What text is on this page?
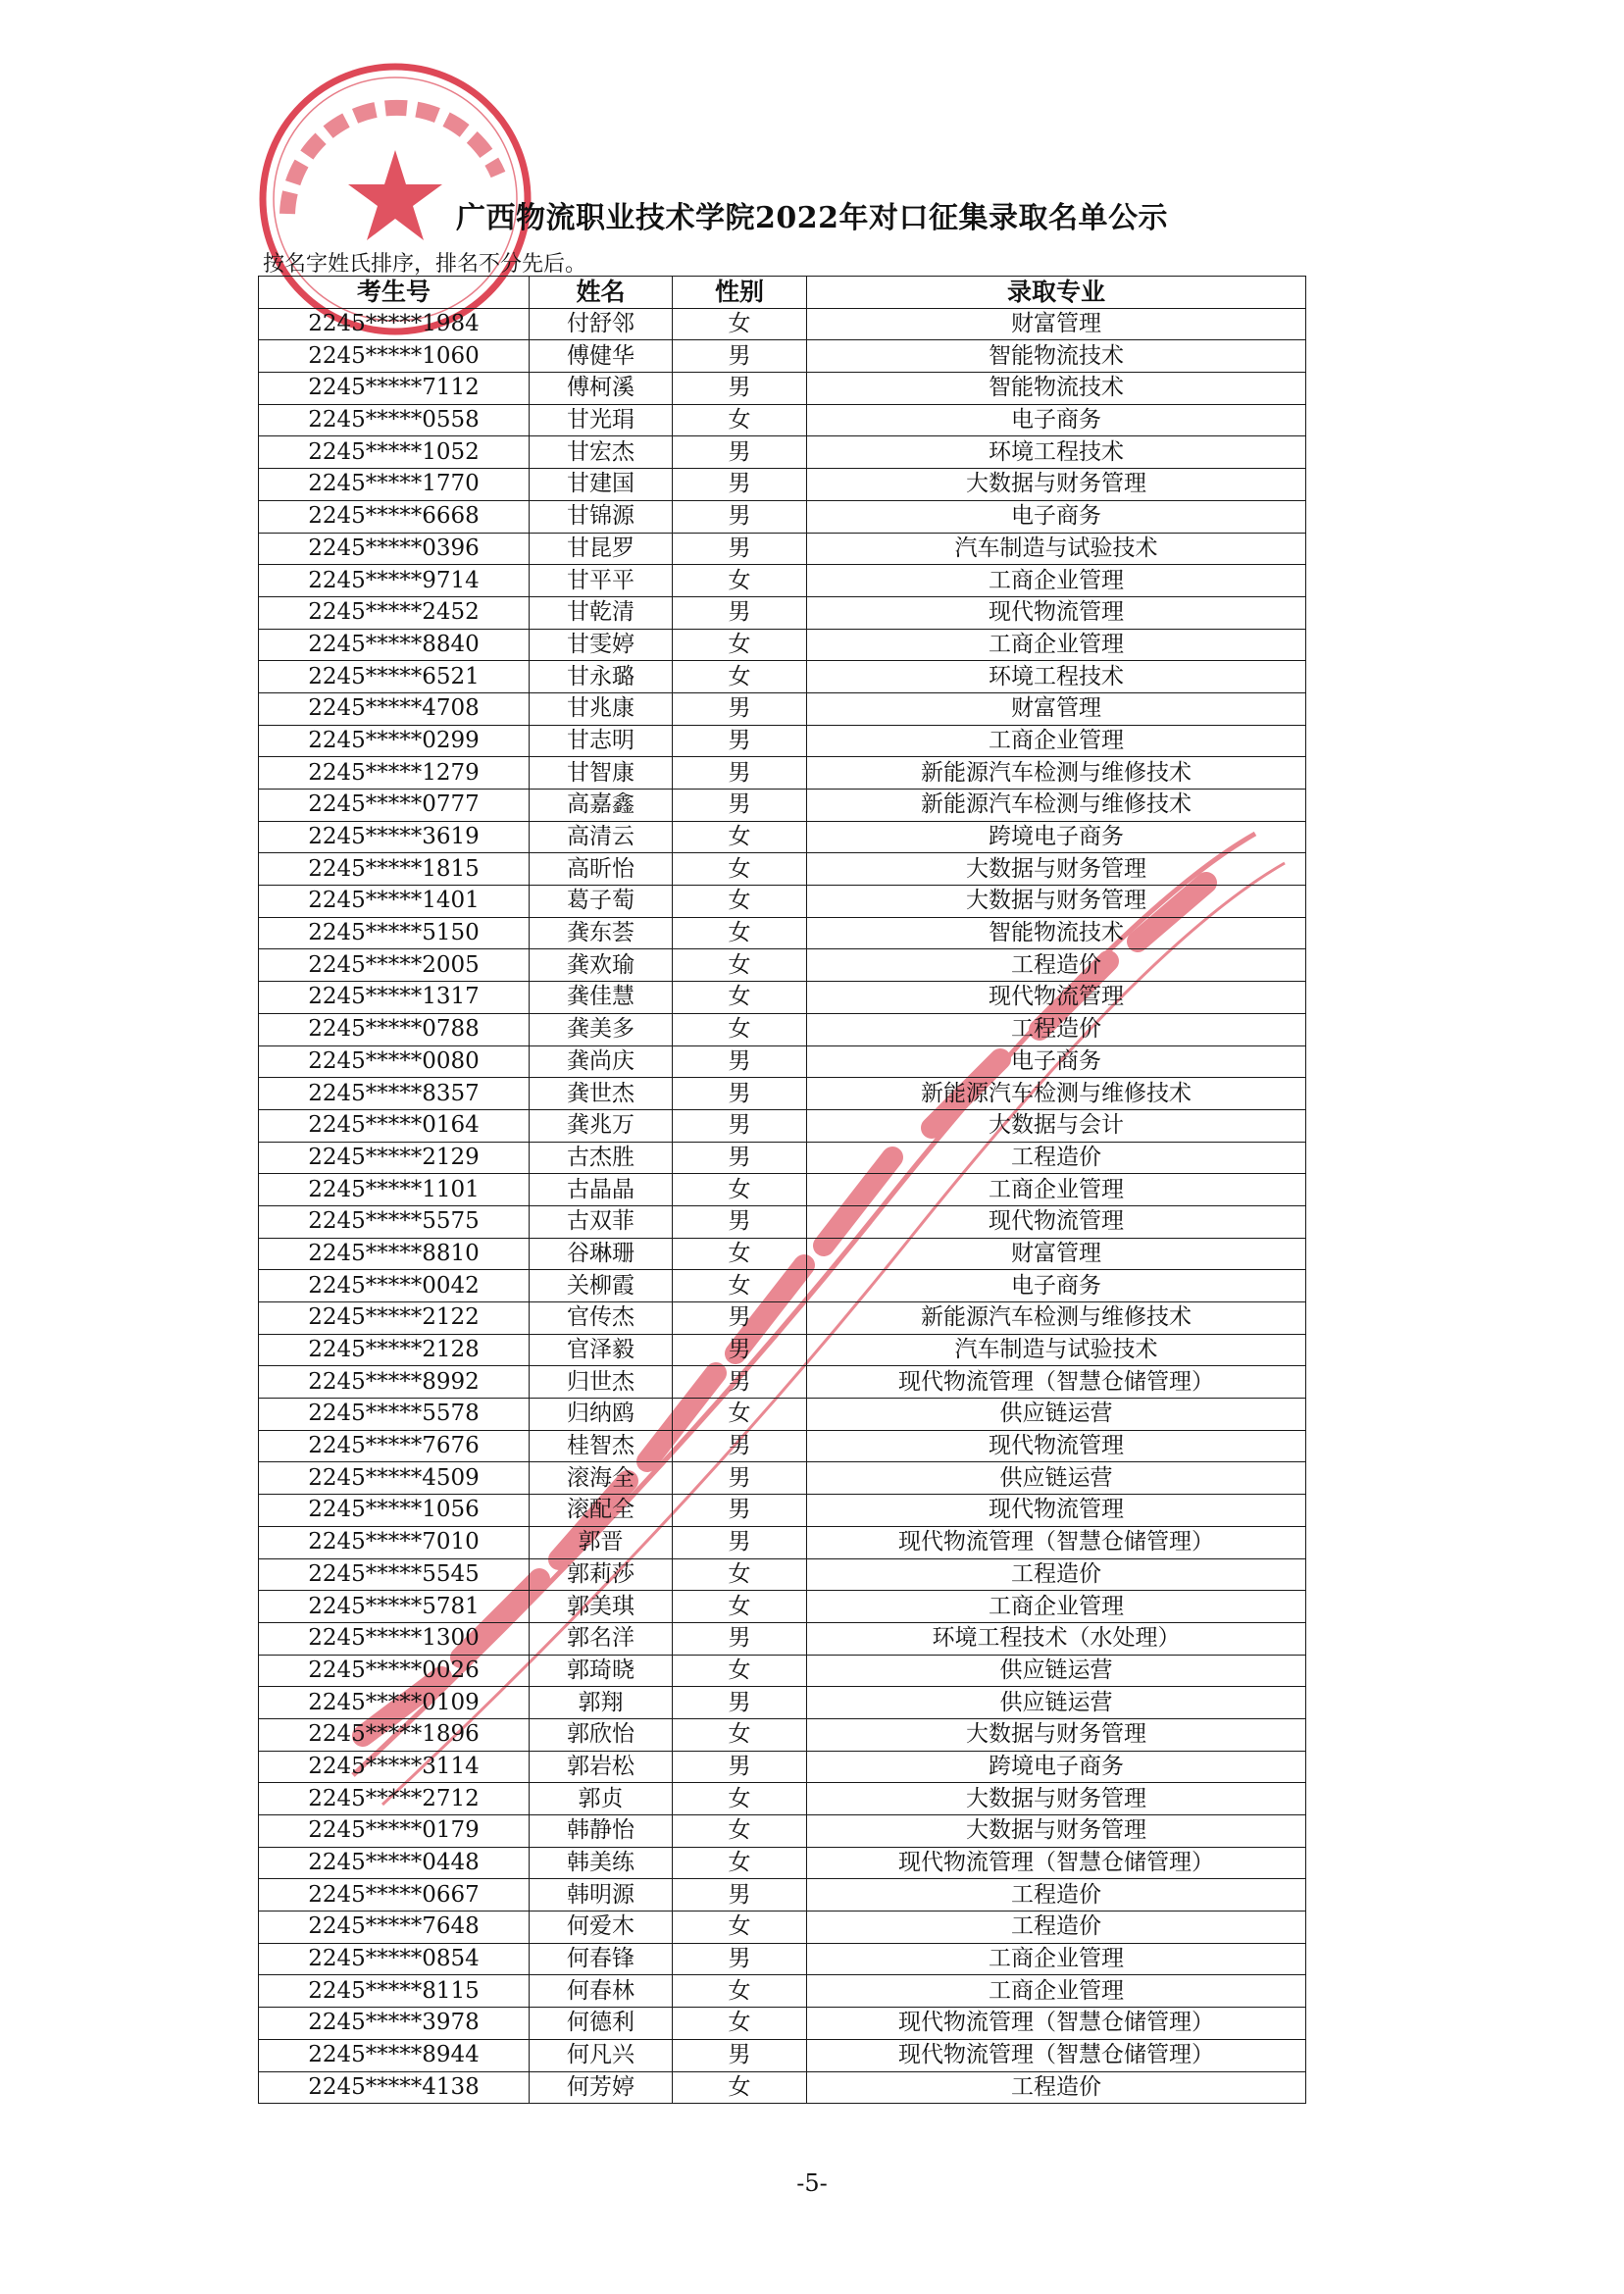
广西物流职业技术学院2022年对口征集录取名单公示
按名字姓氏排序，排名不分先后。
考生号	姓名	性别	录取专业
2245*****1984	付舒邻	女	财富管理
2245*****1060	傅健华	男	智能物流技术
2245*****7112	傅柯溪	男	智能物流技术
2245*****0558	甘光琄	女	电子商务
2245*****1052	甘宏杰	男	环境工程技术
2245*****1770	甘建国	男	大数据与财务管理
2245*****6668	甘锦源	男	电子商务
2245*****0396	甘昆罗	男	汽车制造与试验技术
2245*****9714	甘平平	女	工商企业管理
2245*****2452	甘乾清	男	现代物流管理
2245*****8840	甘雯婷	女	工商企业管理
2245*****6521	甘永璐	女	环境工程技术
2245*****4708	甘兆康	男	财富管理
2245*****0299	甘志明	男	工商企业管理
2245*****1279	甘智康	男	新能源汽车检测与维修技术
2245*****0777	高嘉鑫	男	新能源汽车检测与维修技术
2245*****3619	高清云	女	跨境电子商务
2245*****1815	高昕怡	女	大数据与财务管理
2245*****1401	葛子萄	女	大数据与财务管理
2245*****5150	龚东荟	女	智能物流技术
2245*****2005	龚欢瑜	女	工程造价
2245*****1317	龚佳慧	女	现代物流管理
2245*****0788	龚美多	女	工程造价
2245*****0080	龚尚庆	男	电子商务
2245*****8357	龚世杰	男	新能源汽车检测与维修技术
2245*****0164	龚兆万	男	大数据与会计
2245*****2129	古杰胜	男	工程造价
2245*****1101	古晶晶	女	工商企业管理
2245*****5575	古双菲	男	现代物流管理
2245*****8810	谷琳珊	女	财富管理
2245*****0042	关柳霞	女	电子商务
2245*****2122	官传杰	男	新能源汽车检测与维修技术
2245*****2128	官泽毅	男	汽车制造与试验技术
2245*****8992	归世杰	男	现代物流管理（智慧仓储管理）
2245*****5578	归纳鸥	女	供应链运营
2245*****7676	桂智杰	男	现代物流管理
2245*****4509	滚海全	男	供应链运营
2245*****1056	滚配全	男	现代物流管理
2245*****7010	郭晋	男	现代物流管理（智慧仓储管理）
2245*****5545	郭莉莎	女	工程造价
2245*****5781	郭美琪	女	工商企业管理
2245*****1300	郭名洋	男	环境工程技术（水处理）
2245*****0026	郭琦晓	女	供应链运营
2245*****0109	郭翔	男	供应链运营
2245*****1896	郭欣怡	女	大数据与财务管理
2245*****3114	郭岩松	男	跨境电子商务
2245*****2712	郭贞	女	大数据与财务管理
2245*****0179	韩静怡	女	大数据与财务管理
2245*****0448	韩美练	女	现代物流管理（智慧仓储管理）
2245*****0667	韩明源	男	工程造价
2245*****7648	何爱木	女	工程造价
2245*****0854	何春锋	男	工商企业管理
2245*****8115	何春林	女	工商企业管理
2245*****3978	何德利	女	现代物流管理（智慧仓储管理）
2245*****8944	何凡兴	男	现代物流管理（智慧仓储管理）
2245*****4138	何芳婷	女	工程造价
-5-
